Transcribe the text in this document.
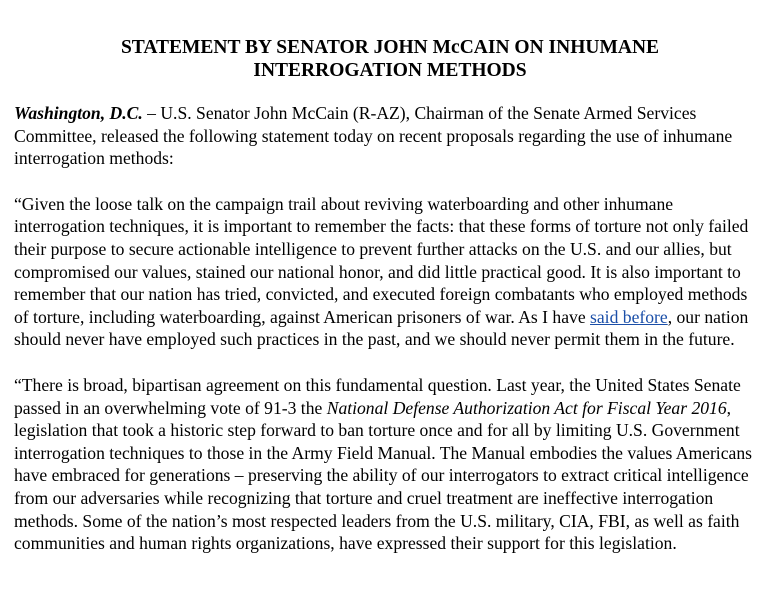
STATEMENT BY SENATOR JOHN McCAIN ON INHUMANE
INTERROGATION METHODS

Washington, D.C. – U.S. Senator John McCain (R-AZ), Chairman of the Senate Armed Services Committee, released the following statement today on recent proposals regarding the use of inhumane interrogation methods:

“Given the loose talk on the campaign trail about reviving waterboarding and other inhumane interrogation techniques, it is important to remember the facts: that these forms of torture not only failed their purpose to secure actionable intelligence to prevent further attacks on the U.S. and our allies, but compromised our values, stained our national honor, and did little practical good. It is also important to remember that our nation has tried, convicted, and executed foreign combatants who employed methods of torture, including waterboarding, against American prisoners of war. As I have said before, our nation should never have employed such practices in the past, and we should never permit them in the future.

“There is broad, bipartisan agreement on this fundamental question. Last year, the United States Senate passed in an overwhelming vote of 91-3 the National Defense Authorization Act for Fiscal Year 2016, legislation that took a historic step forward to ban torture once and for all by limiting U.S. Government interrogation techniques to those in the Army Field Manual. The Manual embodies the values Americans have embraced for generations – preserving the ability of our interrogators to extract critical intelligence from our adversaries while recognizing that torture and cruel treatment are ineffective interrogation methods. Some of the nation’s most respected leaders from the U.S. military, CIA, FBI, as well as faith communities and human rights organizations, have expressed their support for this legislation.
